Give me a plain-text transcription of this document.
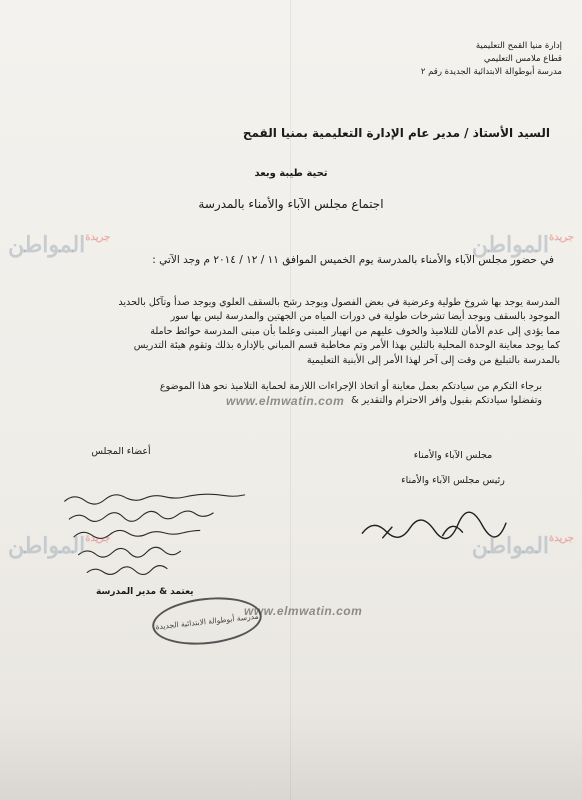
إدارة منيا القمح التعليمية
قطاع ملامس التعليمي
مدرسة أبوطوالة الابتدائية الجديدة رقم ٢
السيد الأستاذ / مدير عام الإدارة التعليمية بمنيا القمح
تحية طيبة وبعد
اجتماع مجلس الآباء والأمناء بالمدرسة
في حضور مجلس الآباء والأمناء بالمدرسة يوم الخميس الموافق ١١ / ١٢ / ٢٠١٤ م وجد الآتي :
المدرسة يوجد بها شروخ طولية وعرضية في بعض الفصول ويوجد رشح بالسقف العلوي ويوجد صدأ وتآكل بالحديد
الموجود بالسقف ويوجد أيضا تشرخات طولية في دورات المياه من الجهتين والمدرسة ليس بها سور
مما يؤدى إلى عدم الأمان للتلاميذ والخوف عليهم من انهيار المبنى وعلما بأن مبنى المدرسة حوائط حاملة
كما يوجد معاينة الوحدة المحلية بالتلين بهذا الأمر وتم مخاطبة قسم المباني بالإدارة بذلك وتقوم هيئة التدريس
بالمدرسة بالتبليغ من وقت إلى آخر لهذا الأمر إلى الأبنية التعليمية
برجاء التكرم من سيادتكم بعمل معاينة أو اتخاذ الإجراءات اللازمة لحماية التلاميذ نحو هذا الموضوع
وتفضلوا سيادتكم بقبول وافر الاحترام والتقدير &
أعضاء المجلس	مجلس الآباء والأمناء
رئيس مجلس الآباء والأمناء
يعتمد & مدير المدرسة
مدرسة أبوطوالة الابتدائية الجديدة
$^{جريدة}$المواطن	$^{جريدة}$المواطن
$^{جريدة}$المواطن	$^{جريدة}$المواطن
www.elmwatin.com
www.elmwatin.com
